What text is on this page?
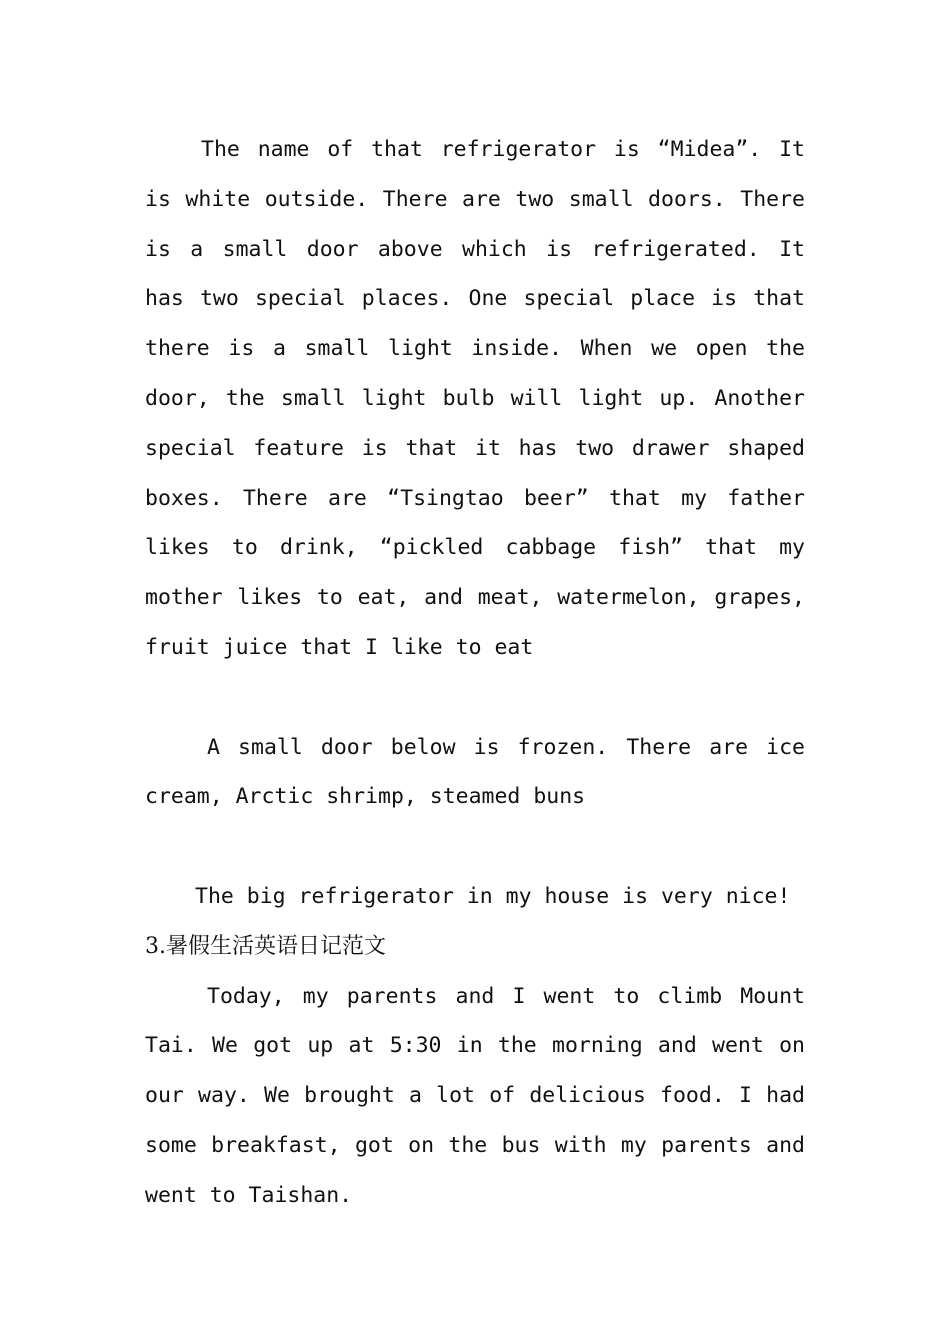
The name of that refrigerator is “Midea”. It is white outside. There are two small doors. There is a small door above which is refrigerated. It has two special places. One special place is that there is a small light inside. When we open the door, the small light bulb will light up. Another special feature is that it has two drawer shaped boxes. There are “Tsingtao beer” that my father likes to drink, “pickled cabbage fish” that my mother likes to eat, and meat, watermelon, grapes, fruit juice that I like to eat

A small door below is frozen. There are ice cream, Arctic shrimp, steamed buns

The big refrigerator in my house is very nice!

3.暑假生活英语日记范文

Today, my parents and I went to climb Mount Tai. We got up at 5:30 in the morning and went on our way. We brought a lot of delicious food. I had some breakfast, got on the bus with my parents and went to Taishan.
